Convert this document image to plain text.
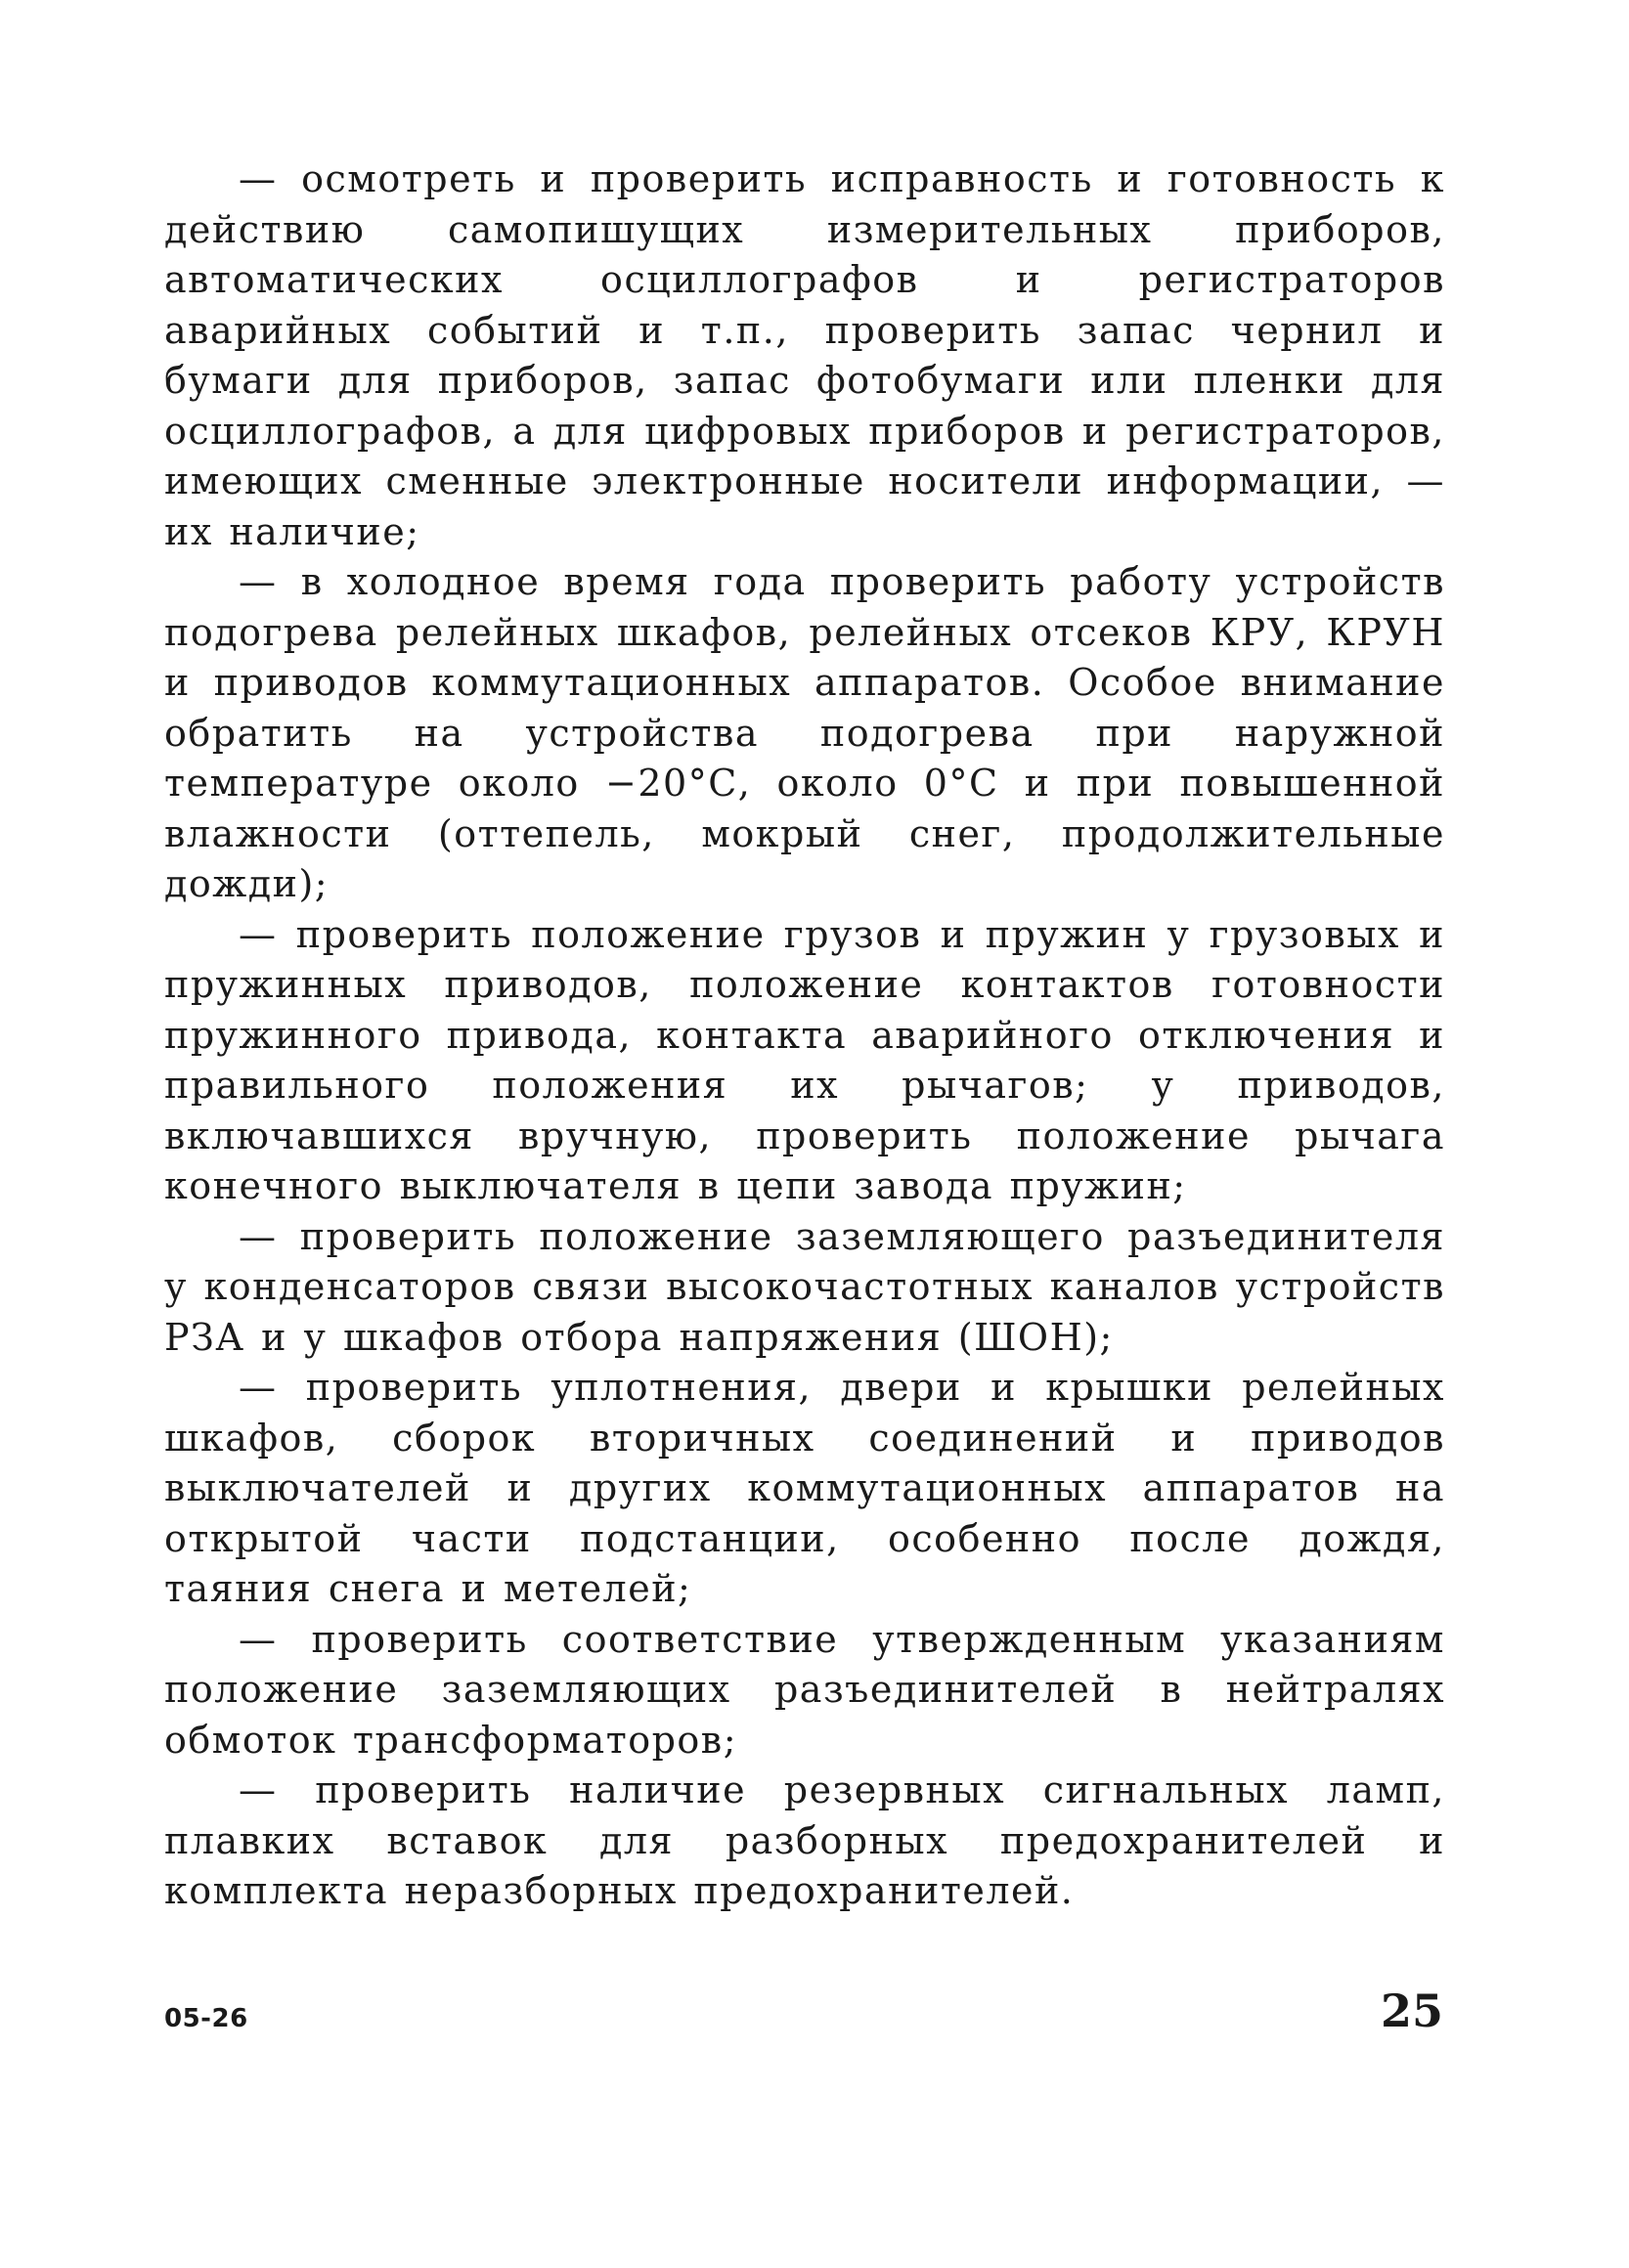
— осмотреть и проверить исправность и готовность к действию самопишущих измерительных приборов, автоматических осциллографов и регистраторов аварийных событий и т.п., проверить запас чернил и бумаги для приборов, запас фотобумаги или пленки для осциллографов, а для цифровых приборов и регистраторов, имеющих сменные электронные носители информации, — их наличие;

— в холодное время года проверить работу устройств подогрева релейных шкафов, релейных отсеков КРУ, КРУН и приводов коммутационных аппаратов. Особое внимание обратить на устройства подогрева при наружной температуре около −20°С, около 0°С и при повышенной влажности (оттепель, мокрый снег, продолжительные дожди);

— проверить положение грузов и пружин у грузовых и пружинных приводов, положение контактов готовности пружинного привода, контакта аварийного отключения и правильного положения их рычагов; у приводов, включавшихся вручную, проверить положение рычага конечного выключателя в цепи завода пружин;

— проверить положение заземляющего разъединителя у конденсаторов связи высокочастотных каналов устройств РЗА и у шкафов отбора напряжения (ШОН);

— проверить уплотнения, двери и крышки релейных шкафов, сборок вторичных соединений и приводов выключателей и других коммутационных аппаратов на открытой части подстанции, особенно после дождя, таяния снега и метелей;

— проверить соответствие утвержденным указаниям положение заземляющих разъединителей в нейтралях обмоток трансформаторов;

— проверить наличие резервных сигнальных ламп, плавких вставок для разборных предохранителей и комплекта неразборных предохранителей.

05-26	25
